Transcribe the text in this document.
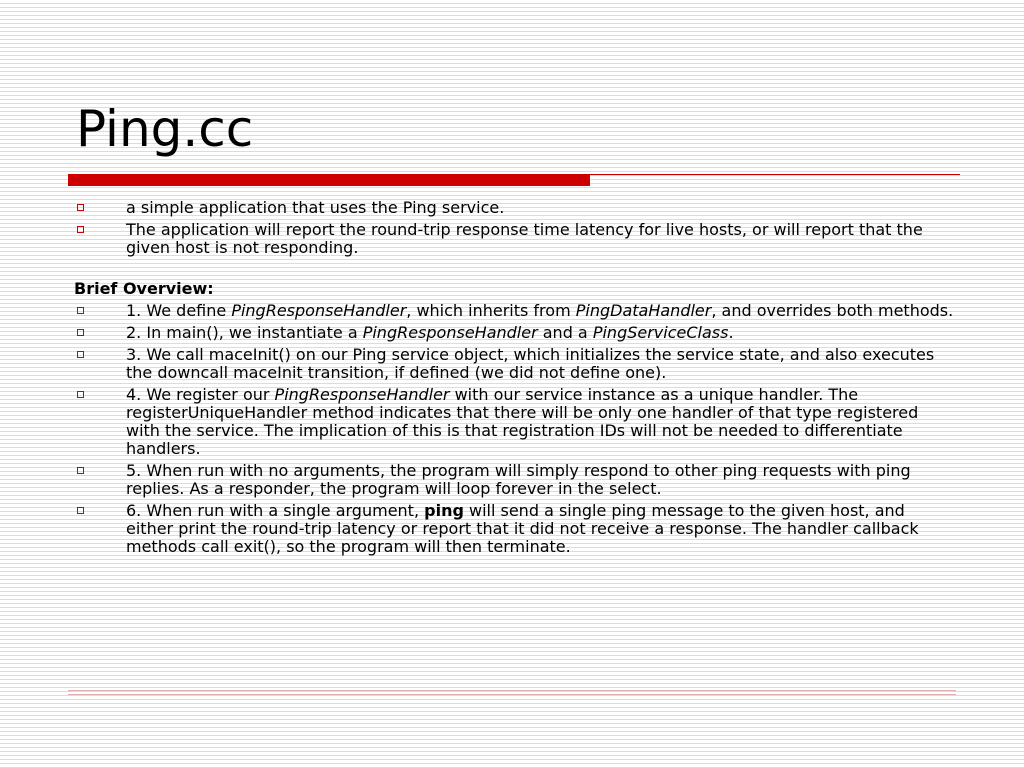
Ping.cc
a simple application that uses the Ping service.
The application will report the round-trip response time latency for live hosts, or will report that the given host is not responding.
Brief Overview:
1. We define PingResponseHandler, which inherits from PingDataHandler, and overrides both methods.
2. In main(), we instantiate a PingResponseHandler and a PingServiceClass.
3. We call maceInit() on our Ping service object, which initializes the service state, and also executes the downcall maceInit transition, if defined (we did not define one).
4. We register our PingResponseHandler with our service instance as a unique handler. The registerUniqueHandler method indicates that there will be only one handler of that type registered with the service. The implication of this is that registration IDs will not be needed to differentiate handlers.
5. When run with no arguments, the program will simply respond to other ping requests with ping replies. As a responder, the program will loop forever in the select.
6. When run with a single argument, ping will send a single ping message to the given host, and either print the round-trip latency or report that it did not receive a response. The handler callback methods call exit(), so the program will then terminate.
